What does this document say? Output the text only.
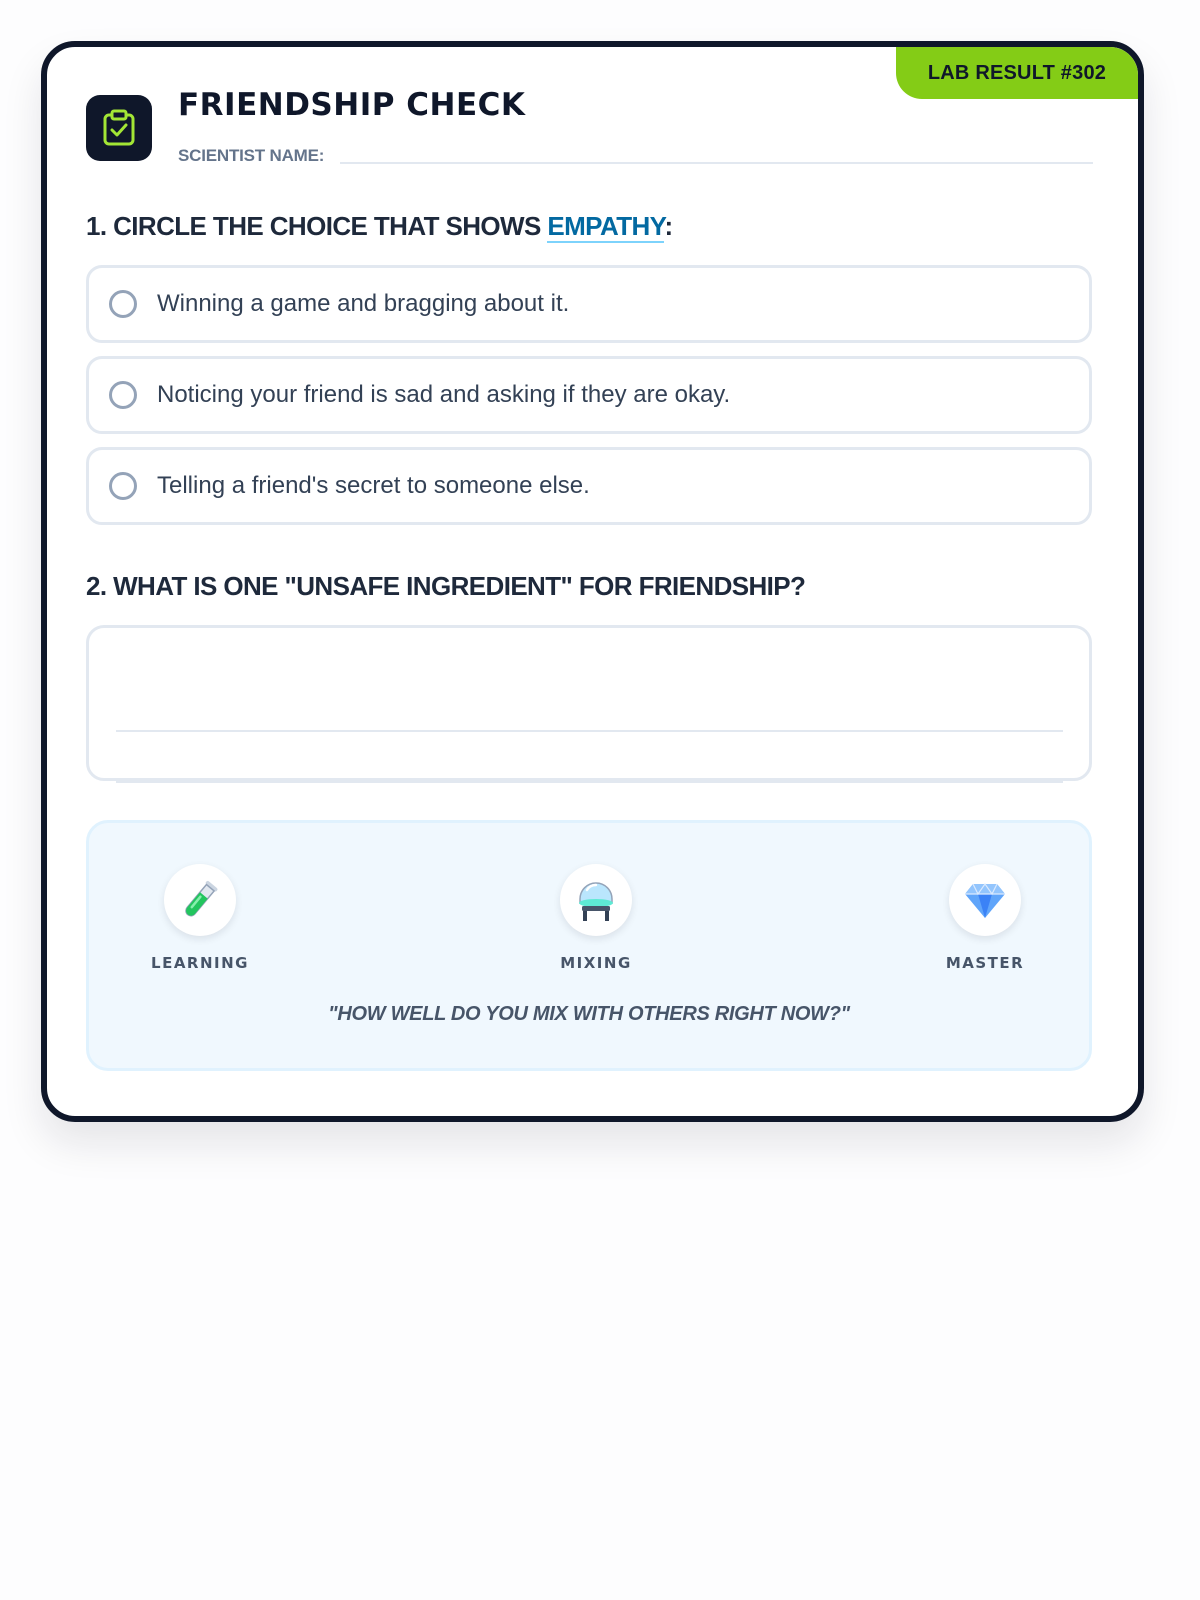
LAB RESULT #302
FRIENDSHIP CHECK
SCIENTIST NAME:
1. CIRCLE THE CHOICE THAT SHOWS EMPATHY:
Winning a game and bragging about it.
Noticing your friend is sad and asking if they are okay.
Telling a friend's secret to someone else.
2. WHAT IS ONE "UNSAFE INGREDIENT" FOR FRIENDSHIP?
LEARNING	MIXING	MASTER
"HOW WELL DO YOU MIX WITH OTHERS RIGHT NOW?"
